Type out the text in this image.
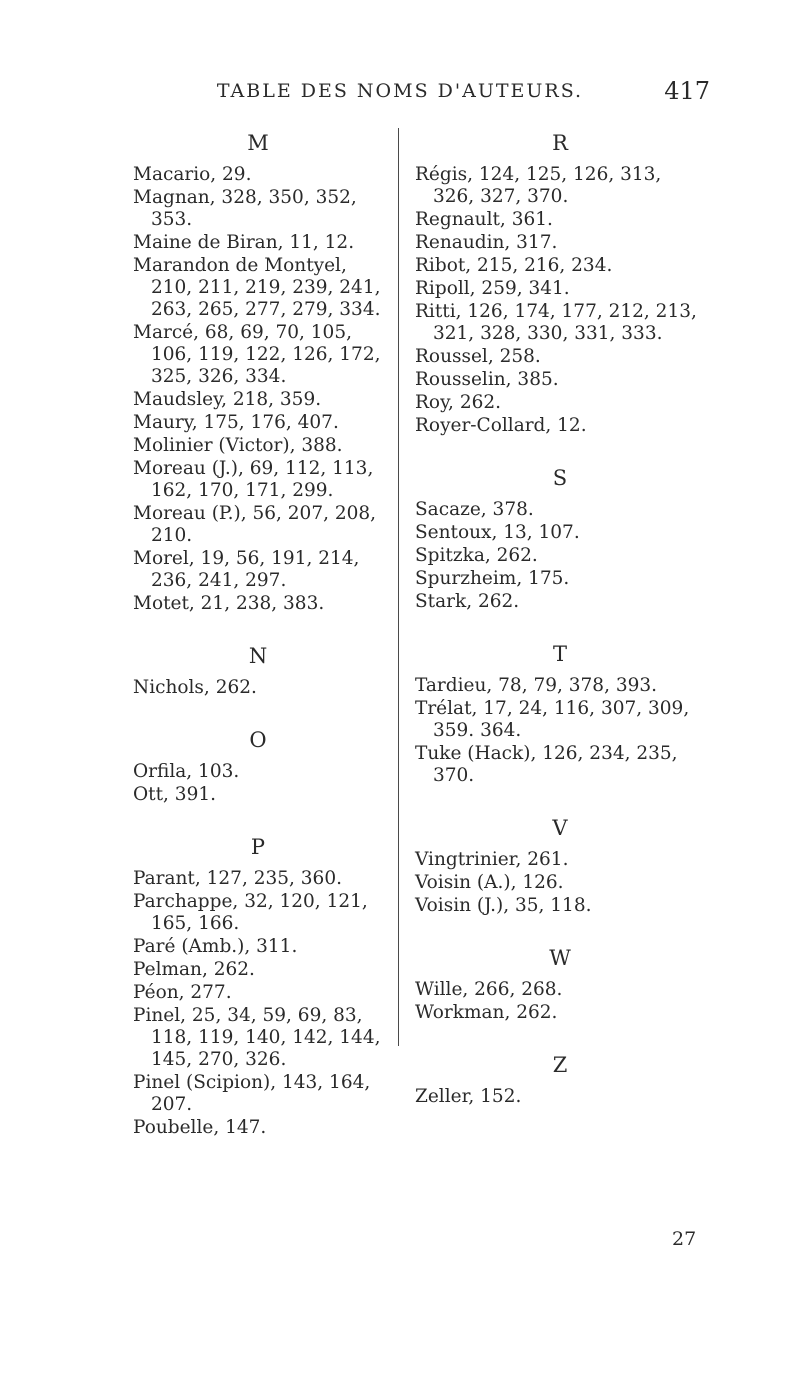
TABLE DES NOMS D'AUTEURS.	417
M
Macario, 29.
Magnan, 328, 350, 352, 353.
Maine de Biran, 11, 12.
Marandon de Montyel, 210, 211, 219, 239, 241, 263, 265, 277, 279, 334.
Marcé, 68, 69, 70, 105, 106, 119, 122, 126, 172, 325, 326, 334.
Maudsley, 218, 359.
Maury, 175, 176, 407.
Molinier (Victor), 388.
Moreau (J.), 69, 112, 113, 162, 170, 171, 299.
Moreau (P.), 56, 207, 208, 210.
Morel, 19, 56, 191, 214, 236, 241, 297.
Motet, 21, 238, 383.
N
Nichols, 262.
O
Orfila, 103.
Ott, 391.
P
Parant, 127, 235, 360.
Parchappe, 32, 120, 121, 165, 166.
Paré (Amb.), 311.
Pelman, 262.
Péon, 277.
Pinel, 25, 34, 59, 69, 83, 118, 119, 140, 142, 144, 145, 270, 326.
Pinel (Scipion), 143, 164, 207.
Poubelle, 147.
R
Régis, 124, 125, 126, 313, 326, 327, 370.
Regnault, 361.
Renaudin, 317.
Ribot, 215, 216, 234.
Ripoll, 259, 341.
Ritti, 126, 174, 177, 212, 213, 321, 328, 330, 331, 333.
Roussel, 258.
Rousselin, 385.
Roy, 262.
Royer-Collard, 12.
S
Sacaze, 378.
Sentoux, 13, 107.
Spitzka, 262.
Spurzheim, 175.
Stark, 262.
T
Tardieu, 78, 79, 378, 393.
Trélat, 17, 24, 116, 307, 309, 359. 364.
Tuke (Hack), 126, 234, 235, 370.
V
Vingtrinier, 261.
Voisin (A.), 126.
Voisin (J.), 35, 118.
W
Wille, 266, 268.
Workman, 262.
Z
Zeller, 152.
27
